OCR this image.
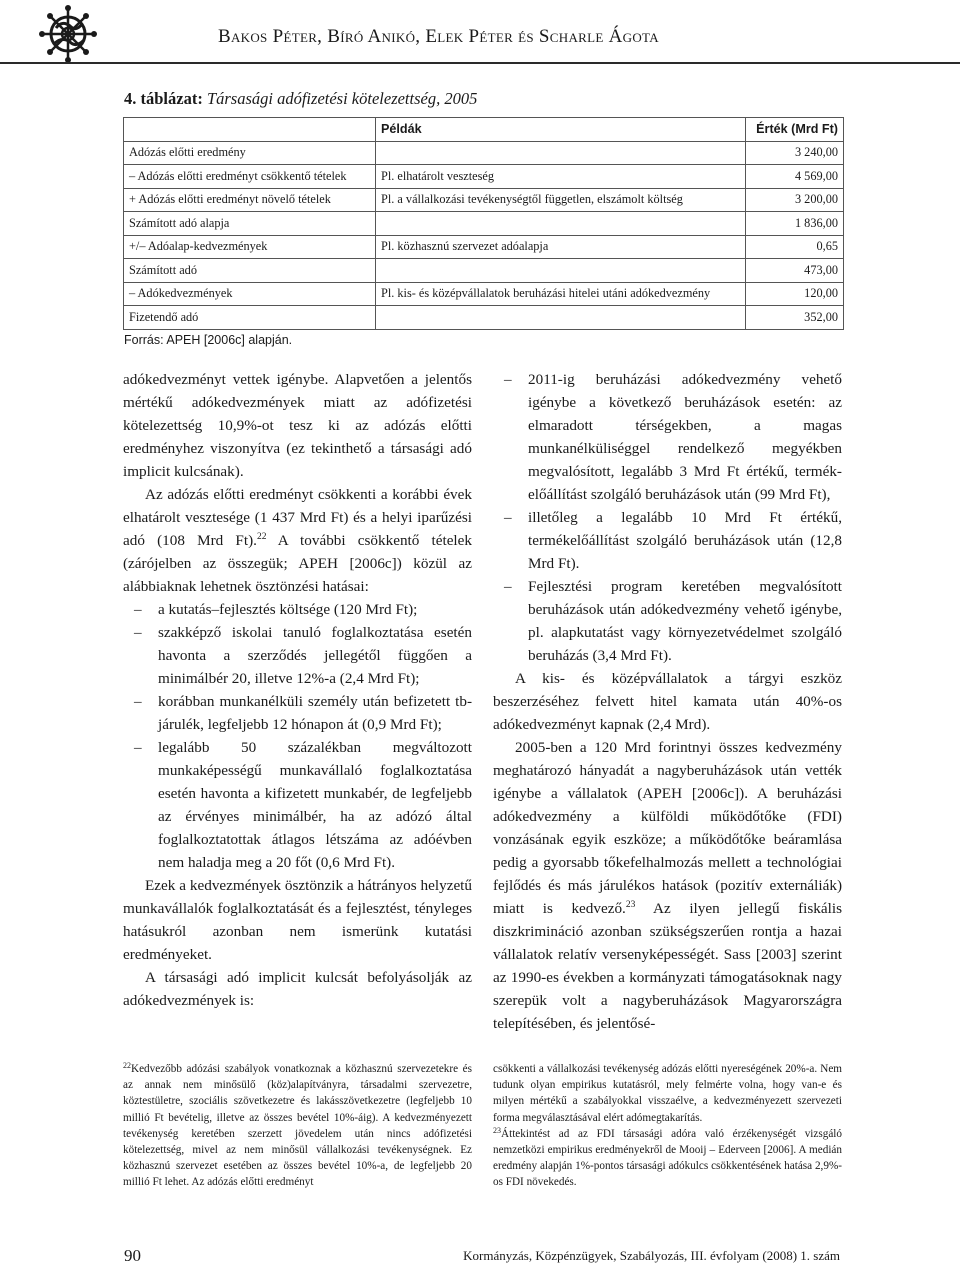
Bakos Péter, Bíró Anikó, Elek Péter és Scharle Ágota
4. táblázat: Társasági adófizetési kötelezettség, 2005
	Példák	Érték (Mrd Ft)
Adózás előtti eredmény		3 240,00
– Adózás előtti eredményt csökkentő tételek	Pl. elhatárolt veszteség	4 569,00
+ Adózás előtti eredményt növelő tételek	Pl. a vállalkozási tevékenységtől független, elszámolt költség	3 200,00
Számított adó alapja		1 836,00
+/– Adóalap-kedvezmények	Pl. közhasznú szervezet adóalapja	0,65
Számított adó		473,00
– Adókedvezmények	Pl. kis- és középvállalatok beruházási hitelei utáni adókedvezmény	120,00
Fizetendő adó		352,00
Forrás: APEH [2006c] alapján.

adókedvezményt vettek igénybe. Alapvetően a jelentős mértékű adókedvezmények miatt az adófizetési kötelezettség 10,9%-ot tesz ki az adózás előtti eredményhez viszonyítva (ez tekinthető a társasági adó implicit kulcsának).

Az adózás előtti eredményt csökkenti a korábbi évek elhatárolt vesztesége (1 437 Mrd Ft) és a helyi iparűzési adó (108 Mrd Ft).$^{22}$ A további csökkentő tételek (zárójelben az összegük; APEH [2006c]) közül az alábbiaknak lehetnek ösztönzési hatásai:

– a kutatás–fejlesztés költsége (120 Mrd Ft);
– szakképző iskolai tanuló foglalkoztatása esetén havonta a szerződés jellegétől függően a minimálbér 20, illetve 12%-a (2,4 Mrd Ft);
– korábban munkanélküli személy után befizetett tb-járulék, legfeljebb 12 hónapon át (0,9 Mrd Ft);
– legalább 50 százalékban megváltozott munkaképességű munkavállaló foglalkoztatása esetén havonta a kifizetett munkabér, de legfeljebb az érvényes minimálbér, ha az adózó által foglalkoztatottak átlagos létszáma az adóévben nem haladja meg a 20 főt (0,6 Mrd Ft).

Ezek a kedvezmények ösztönzik a hátrányos helyzetű munkavállalók foglalkoztatását és a fejlesztést, tényleges hatásukról azonban nem ismerünk kutatási eredményeket.

A társasági adó implicit kulcsát befolyásolják az adókedvezmények is:

– 2011-ig beruházási adókedvezmény vehető igénybe a következő beruházások esetén: az elmaradott térségekben, a magas munkanélküliséggel rendelkező megyékben megvalósított, legalább 3 Mrd Ft értékű, termék-előállítást szolgáló beruházások után (99 Mrd Ft),
– illetőleg a legalább 10 Mrd Ft értékű, termékelőállítást szolgáló beruházások után (12,8 Mrd Ft).
– Fejlesztési program keretében megvalósított beruházások után adókedvezmény vehető igénybe, pl. alapkutatást vagy környezetvédelmet szolgáló beruházás (3,4 Mrd Ft).

A kis- és középvállalatok a tárgyi eszköz beszerzéséhez felvett hitel kamata után 40%-os adókedvezményt kapnak (2,4 Mrd).

2005-ben a 120 Mrd forintnyi összes kedvezmény meghatározó hányadát a nagyberuházások után vették igénybe a vállalatok (APEH [2006c]). A beruházási adókedvezmény a külföldi működőtőke (FDI) vonzásának egyik eszköze; a működőtőke beáramlása pedig a gyorsabb tőkefelhalmozás mellett a technológiai fejlődés és más járulékos hatások (pozitív externáliák) miatt is kedvező.$^{23}$ Az ilyen jellegű fiskális diszkrimináció azonban szükségszerűen rontja a hazai vállalatok relatív versenyképességét. Sass [2003] szerint az 1990-es években a kormányzati támogatásoknak nagy szerepük volt a nagyberuházások Magyarországra telepítésében, és jelentősé-

$^{22}$Kedvezőbb adózási szabályok vonatkoznak a közhasznú szervezetekre és az annak nem minősülő (köz)alapítványra, társadalmi szervezetre, köztestületre, szociális szövetkezetre és lakásszövetkezetre (legfeljebb 10 millió Ft bevételig, illetve az összes bevétel 10%-áig). A kedvezményezett tevékenység keretében szerzett jövedelem után nincs adófizetési kötelezettség, mivel az nem minősül vállalkozási tevékenységnek. Ez közhasznú szervezet esetében az összes bevétel 10%-a, de legfeljebb 20 millió Ft lehet. Az adózás előtti eredményt

csökkenti a vállalkozási tevékenység adózás előtti nyereségének 20%-a. Nem tudunk olyan empirikus kutatásról, mely felmérte volna, hogy van-e és milyen mértékű a szabályokkal visszaélve, a kedvezményezett szervezeti forma megválasztásával elért adómegtakarítás.

$^{23}$Áttekintést ad az FDI társasági adóra való érzékenységét vizsgáló nemzetközi empirikus eredményekről de Mooij – Ederveen [2006]. A medián eredmény alapján 1%-pontos társasági adókulcs csökkentésének hatása 2,9%-os FDI növekedés.

90	Kormányzás, Közpénzügyek, Szabályozás, III. évfolyam (2008) 1. szám
